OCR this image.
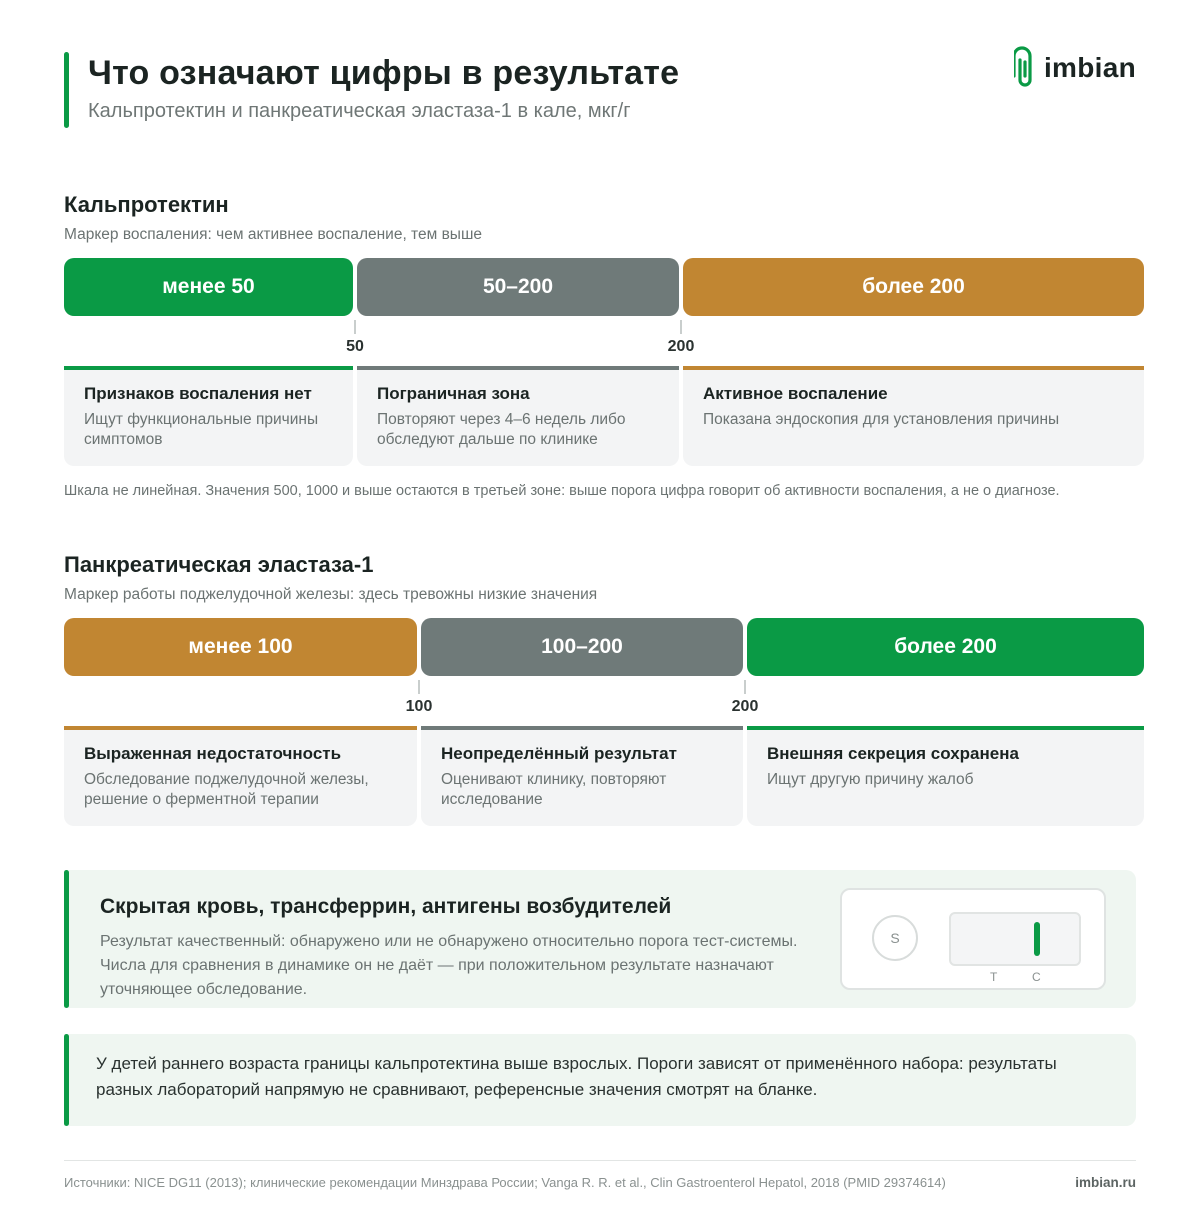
Что означают цифры в результате
Кальпротектин и панкреатическая эластаза-1 в кале, мкг/г
imbian
Кальпротектин
Маркер воспаления: чем активнее воспаление, тем выше
менее 50	50–200	более 200
50	200
Признаков воспаления нет
Ищут функциональные причины симптомов
Пограничная зона
Повторяют через 4–6 недель либо обследуют дальше по клинике
Активное воспаление
Показана эндоскопия для установления причины
Шкала не линейная. Значения 500, 1000 и выше остаются в третьей зоне: выше порога цифра говорит об активности воспаления, а не о диагнозе.
Панкреатическая эластаза-1
Маркер работы поджелудочной железы: здесь тревожны низкие значения
менее 100	100–200	более 200
100	200
Выраженная недостаточность
Обследование поджелудочной железы, решение о ферментной терапии
Неопределённый результат
Оценивают клинику, повторяют исследование
Внешняя секреция сохранена
Ищут другую причину жалоб
Скрытая кровь, трансферрин, антигены возбудителей
Результат качественный: обнаружено или не обнаружено относительно порога тест-системы. Числа для сравнения в динамике он не даёт — при положительном результате назначают уточняющее обследование.
S
T	C
У детей раннего возраста границы кальпротектина выше взрослых. Пороги зависят от применённого набора: результаты разных лабораторий напрямую не сравнивают, референсные значения смотрят на бланке.
Источники: NICE DG11 (2013); клинические рекомендации Минздрава России; Vanga R. R. et al., Clin Gastroenterol Hepatol, 2018 (PMID 29374614)	imbian.ru
